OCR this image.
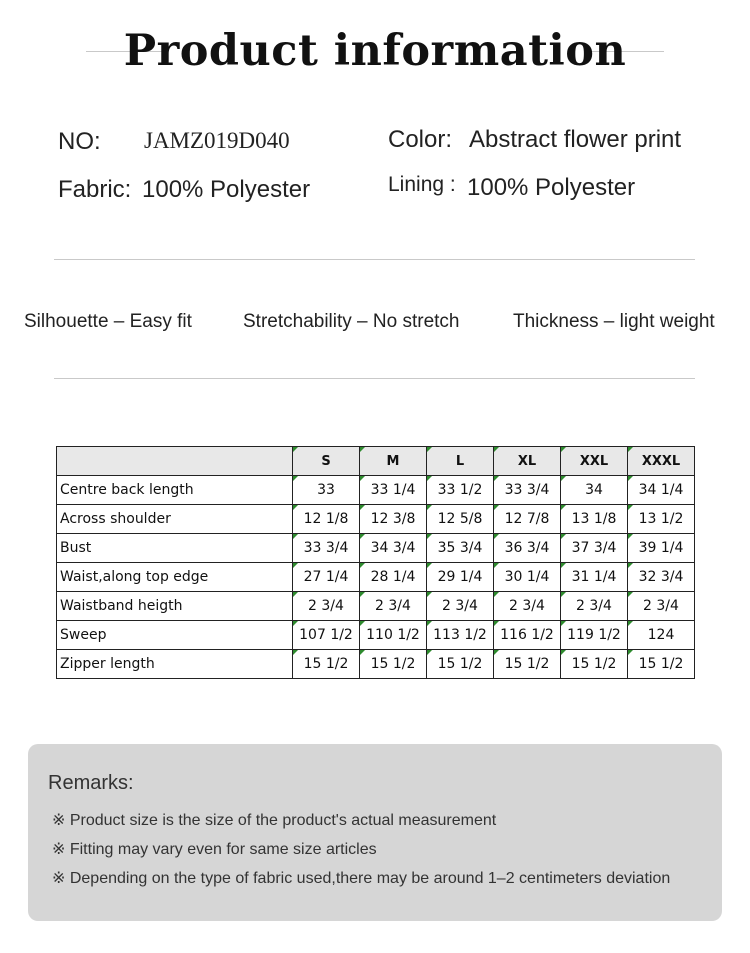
Product information
NO: JAMZ019D040	Color: Abstract flower print
Fabric: 100% Polyester	Lining : 100% Polyester
Silhouette – Easy fit	Stretchability – No stretch	Thickness – light weight
	S	M	L	XL	XXL	XXXL
Centre back length	33	33 1/4	33 1/2	33 3/4	34	34 1/4
Across shoulder	12 1/8	12 3/8	12 5/8	12 7/8	13 1/8	13 1/2
Bust	33 3/4	34 3/4	35 3/4	36 3/4	37 3/4	39 1/4
Waist,along top edge	27 1/4	28 1/4	29 1/4	30 1/4	31 1/4	32 3/4
Waistband heigth	2 3/4	2 3/4	2 3/4	2 3/4	2 3/4	2 3/4
Sweep	107 1/2	110 1/2	113 1/2	116 1/2	119 1/2	124
Zipper length	15 1/2	15 1/2	15 1/2	15 1/2	15 1/2	15 1/2
Remarks:
※ Product size is the size of the product's actual measurement
※ Fitting may vary even for same size articles
※ Depending on the type of fabric used,there may be around 1–2 centimeters deviation
